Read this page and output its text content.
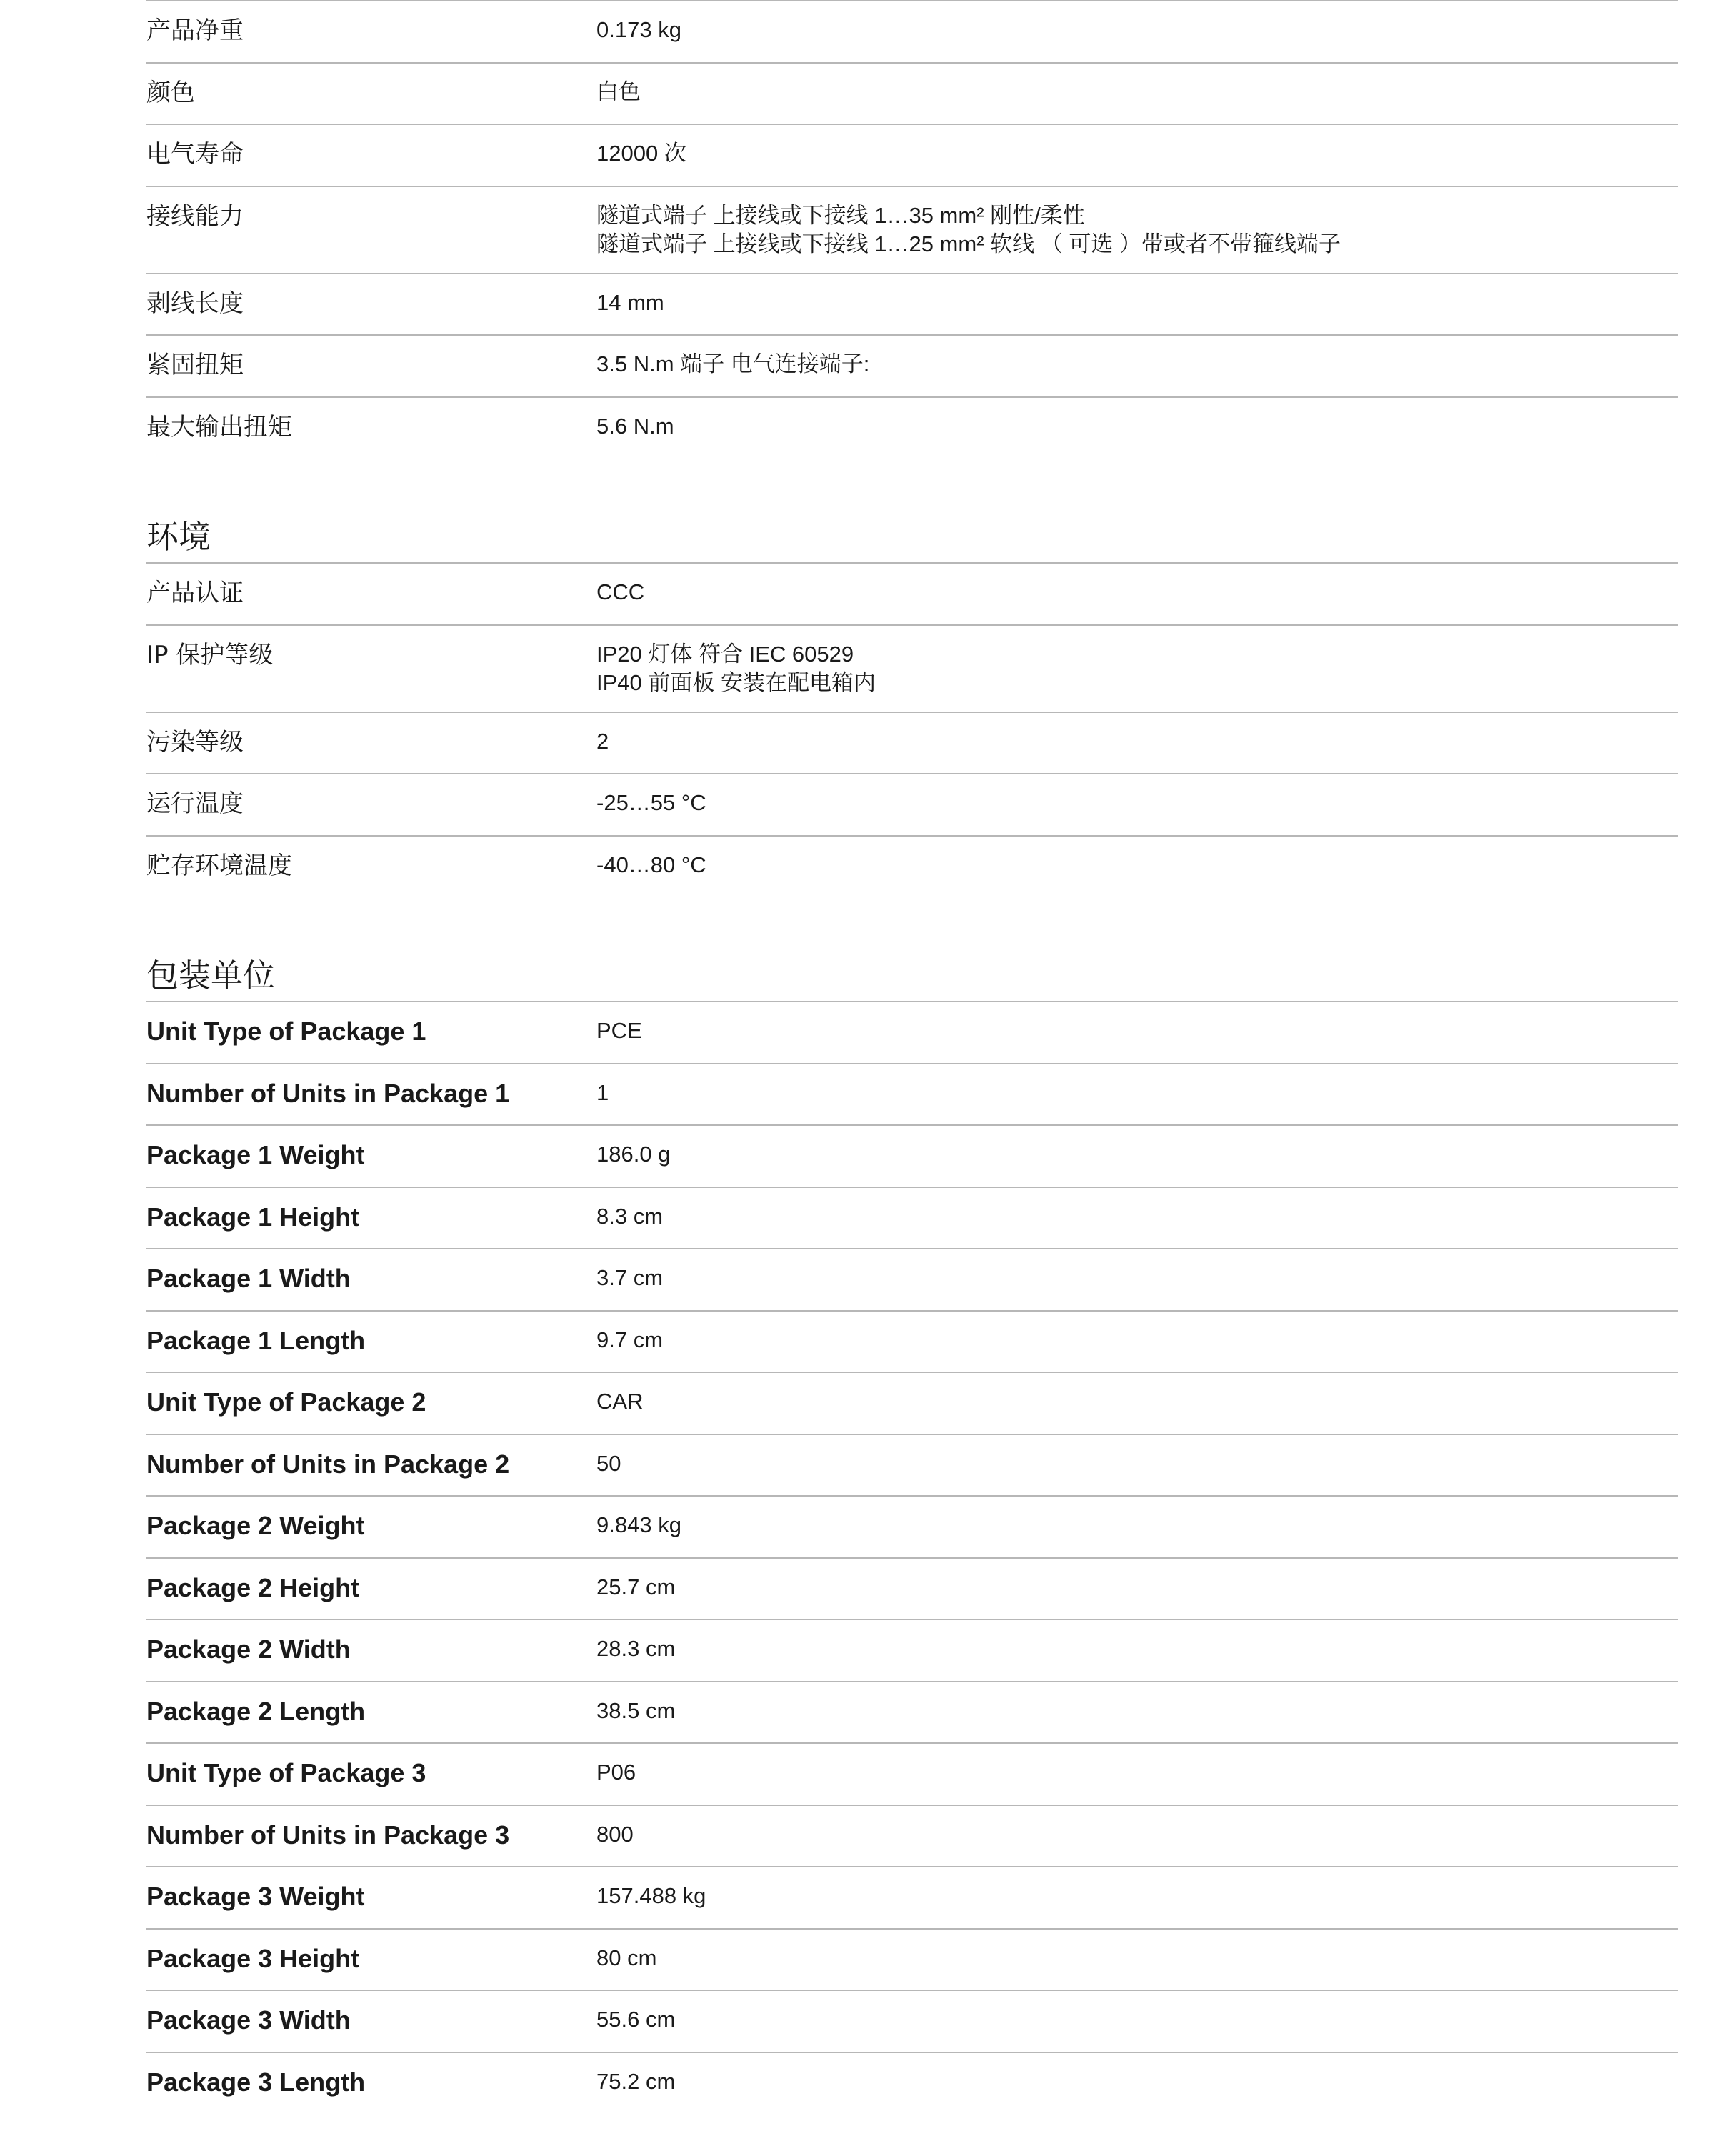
产品净重	0.173 kg
颜色	白色
电气寿命	12000 次
接线能力	隧道式端子 上接线或下接线 1…35 mm² 刚性/柔性
隧道式端子 上接线或下接线 1…25 mm² 软线 （ 可选 ）带或者不带箍线端子
剥线长度	14 mm
紧固扭矩	3.5 N.m 端子 电气连接端子:
最大输出扭矩	5.6 N.m
环境
产品认证	CCC
IP 保护等级	IP20 灯体 符合 IEC 60529
IP40 前面板 安装在配电箱内
污染等级	2
运行温度	-25…55 °C
贮存环境温度	-40…80 °C
包装单位
Unit Type of Package 1	PCE
Number of Units in Package 1	1
Package 1 Weight	186.0 g
Package 1 Height	8.3 cm
Package 1 Width	3.7 cm
Package 1 Length	9.7 cm
Unit Type of Package 2	CAR
Number of Units in Package 2	50
Package 2 Weight	9.843 kg
Package 2 Height	25.7 cm
Package 2 Width	28.3 cm
Package 2 Length	38.5 cm
Unit Type of Package 3	P06
Number of Units in Package 3	800
Package 3 Weight	157.488 kg
Package 3 Height	80 cm
Package 3 Width	55.6 cm
Package 3 Length	75.2 cm
